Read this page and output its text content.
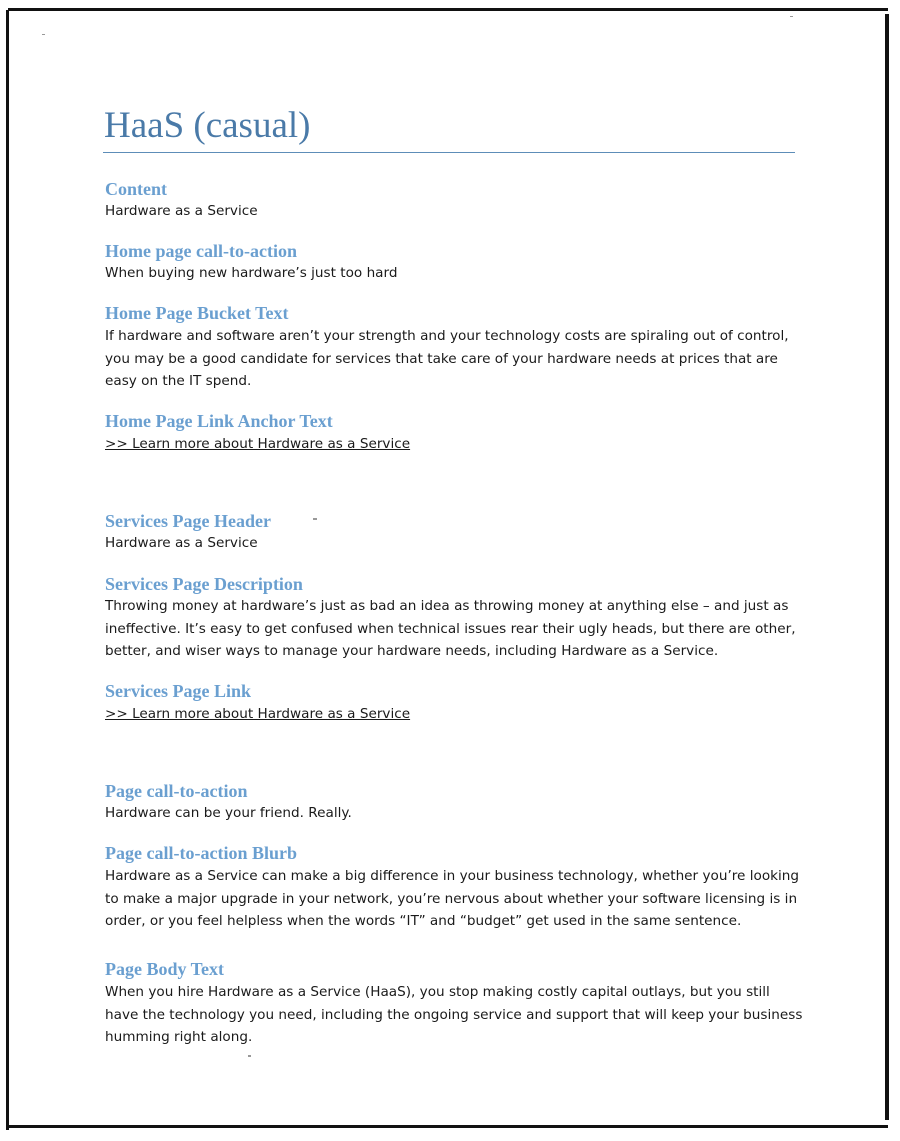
HaaS (casual)
Content

Hardware as a Service

Home page call-to-action

When buying new hardware’s just too hard

Home Page Bucket Text

If hardware and software aren’t your strength and your technology costs are spiraling out of control, you may be a good candidate for services that take care of your hardware needs at prices that are easy on the IT spend.

Home Page Link Anchor Text

>> Learn more about Hardware as a Service

Services Page Header

Hardware as a Service

Services Page Description

Throwing money at hardware’s just as bad an idea as throwing money at anything else – and just as ineffective. It’s easy to get confused when technical issues rear their ugly heads, but there are other, better, and wiser ways to manage your hardware needs, including Hardware as a Service.

Services Page Link

>> Learn more about Hardware as a Service

Page call-to-action

Hardware can be your friend. Really.

Page call-to-action Blurb

Hardware as a Service can make a big difference in your business technology, whether you’re looking to make a major upgrade in your network, you’re nervous about whether your software licensing is in order, or you feel helpless when the words “IT” and “budget” get used in the same sentence.

Page Body Text

When you hire Hardware as a Service (HaaS), you stop making costly capital outlays, but you still have the technology you need, including the ongoing service and support that will keep your business humming right along.
